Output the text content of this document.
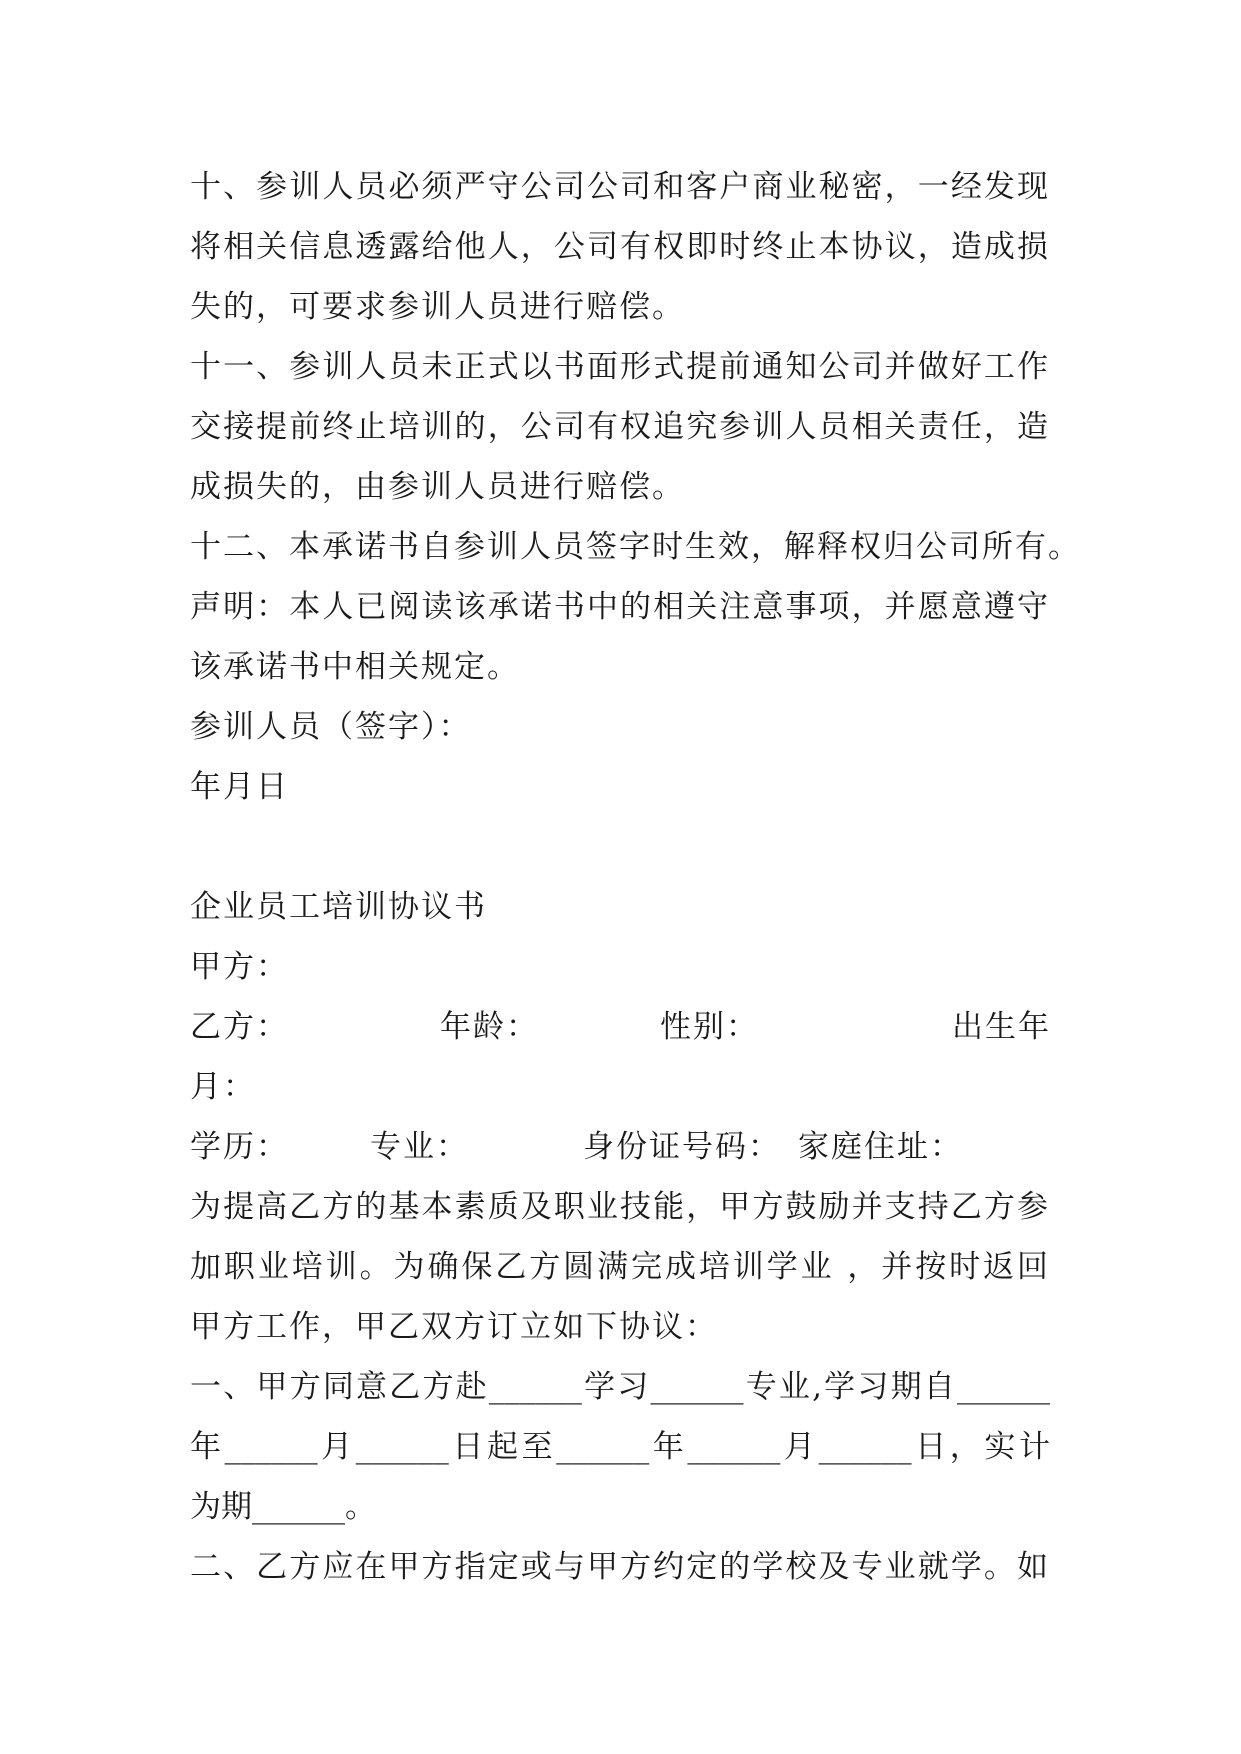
十、参训人员必须严守公司公司和客户商业秘密，一经发现
将相关信息透露给他人，公司有权即时终止本协议，造成损
失的，可要求参训人员进行赔偿。
十一、参训人员未正式以书面形式提前通知公司并做好工作
交接提前终止培训的，公司有权追究参训人员相关责任，造
成损失的，由参训人员进行赔偿。
十二、本承诺书自参训人员签字时生效，解释权归公司所有。
声明：本人已阅读该承诺书中的相关注意事项，并愿意遵守
该承诺书中相关规定。
参训人员（签字）：
年月日
企业员工培训协议书
甲方：
乙方：	年龄：	性别：	出生年
月：
学历：	专业：	身份证号码： 家庭住址：
为提高乙方的基本素质及职业技能，甲方鼓励并支持乙方参
加职业培训。为确保乙方圆满完成培训学业 ，并按时返回
甲方工作，甲乙双方订立如下协议：
一、甲方同意乙方赴______学习______专业,学习期自______
年______月______日起至______年______月______日，实计
为期______。
二、乙方应在甲方指定或与甲方约定的学校及专业就学。如
